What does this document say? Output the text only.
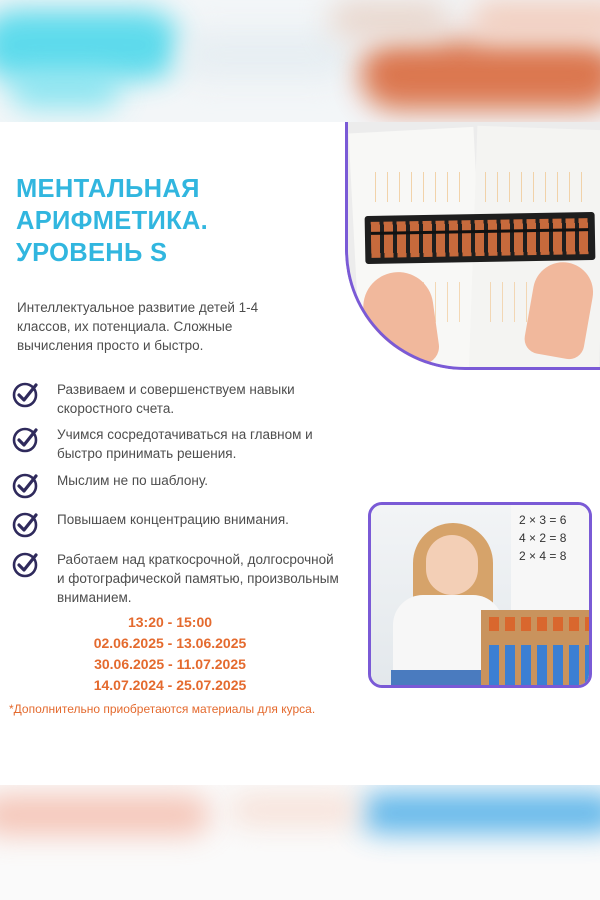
МЕНТАЛЬНАЯ
АРИФМЕТИКА.
УРОВЕНЬ S

Интеллектуальное развитие детей 1-4 классов, их потенциала. Сложные вычисления просто и быстро.

Развиваем и совершенствуем навыки скоростного счета.
Учимся сосредотачиваться на главном и быстро принимать решения.
Мыслим не по шаблону.
Повышаем концентрацию внимания.
Работаем над краткосрочной, долгосрочной и фотографической памятью, произвольным вниманием.
2 × 3 = 6
4 × 2 = 8
2 × 4 = 8
13:20 - 15:00
02.06.2025 - 13.06.2025
30.06.2025 - 11.07.2025
14.07.2024 - 25.07.2025

*Дополнительно приобретаются материалы для курса.
